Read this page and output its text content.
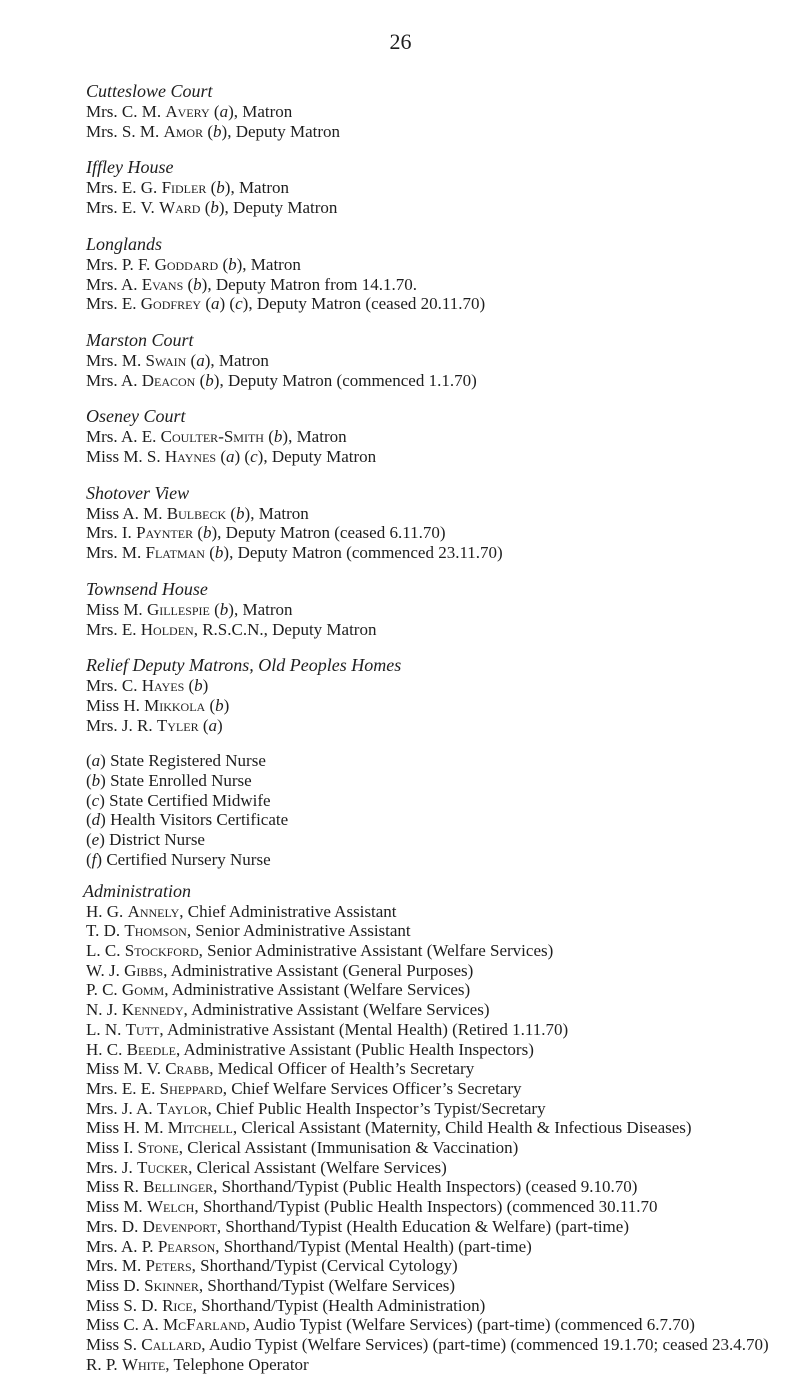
26
Cutteslowe Court
Mrs. C. M. Avery (a), Matron
Mrs. S. M. Amor (b), Deputy Matron
Iffley House
Mrs. E. G. Fidler (b), Matron
Mrs. E. V. Ward (b), Deputy Matron
Longlands
Mrs. P. F. Goddard (b), Matron
Mrs. A. Evans (b), Deputy Matron from 14.1.70.
Mrs. E. Godfrey (a) (c), Deputy Matron (ceased 20.11.70)
Marston Court
Mrs. M. Swain (a), Matron
Mrs. A. Deacon (b), Deputy Matron (commenced 1.1.70)
Oseney Court
Mrs. A. E. Coulter-Smith (b), Matron
Miss M. S. Haynes (a) (c), Deputy Matron
Shotover View
Miss A. M. Bulbeck (b), Matron
Mrs. I. Paynter (b), Deputy Matron (ceased 6.11.70)
Mrs. M. Flatman (b), Deputy Matron (commenced 23.11.70)
Townsend House
Miss M. Gillespie (b), Matron
Mrs. E. Holden, R.S.C.N., Deputy Matron
Relief Deputy Matrons, Old Peoples Homes
Mrs. C. Hayes (b)
Miss H. Mikkola (b)
Mrs. J. R. Tyler (a)
(a) State Registered Nurse
(b) State Enrolled Nurse
(c) State Certified Midwife
(d) Health Visitors Certificate
(e) District Nurse
(f) Certified Nursery Nurse
Administration
H. G. Annely, Chief Administrative Assistant
T. D. Thomson, Senior Administrative Assistant
L. C. Stockford, Senior Administrative Assistant (Welfare Services)
W. J. Gibbs, Administrative Assistant (General Purposes)
P. C. Gomm, Administrative Assistant (Welfare Services)
N. J. Kennedy, Administrative Assistant (Welfare Services)
L. N. Tutt, Administrative Assistant (Mental Health) (Retired 1.11.70)
H. C. Beedle, Administrative Assistant (Public Health Inspectors)
Miss M. V. Crabb, Medical Officer of Health’s Secretary
Mrs. E. E. Sheppard, Chief Welfare Services Officer’s Secretary
Mrs. J. A. Taylor, Chief Public Health Inspector’s Typist/Secretary
Miss H. M. Mitchell, Clerical Assistant (Maternity, Child Health & Infectious Diseases)
Miss I. Stone, Clerical Assistant (Immunisation & Vaccination)
Mrs. J. Tucker, Clerical Assistant (Welfare Services)
Miss R. Bellinger, Shorthand/Typist (Public Health Inspectors) (ceased 9.10.70)
Miss M. Welch, Shorthand/Typist (Public Health Inspectors) (commenced 30.11.70
Mrs. D. Devenport, Shorthand/Typist (Health Education & Welfare) (part-time)
Mrs. A. P. Pearson, Shorthand/Typist (Mental Health) (part-time)
Mrs. M. Peters, Shorthand/Typist (Cervical Cytology)
Miss D. Skinner, Shorthand/Typist (Welfare Services)
Miss S. D. Rice, Shorthand/Typist (Health Administration)
Miss C. A. McFarland, Audio Typist (Welfare Services) (part-time) (commenced 6.7.70)
Miss S. Callard, Audio Typist (Welfare Services) (part-time) (commenced 19.1.70; ceased 23.4.70)
R. P. White, Telephone Operator
